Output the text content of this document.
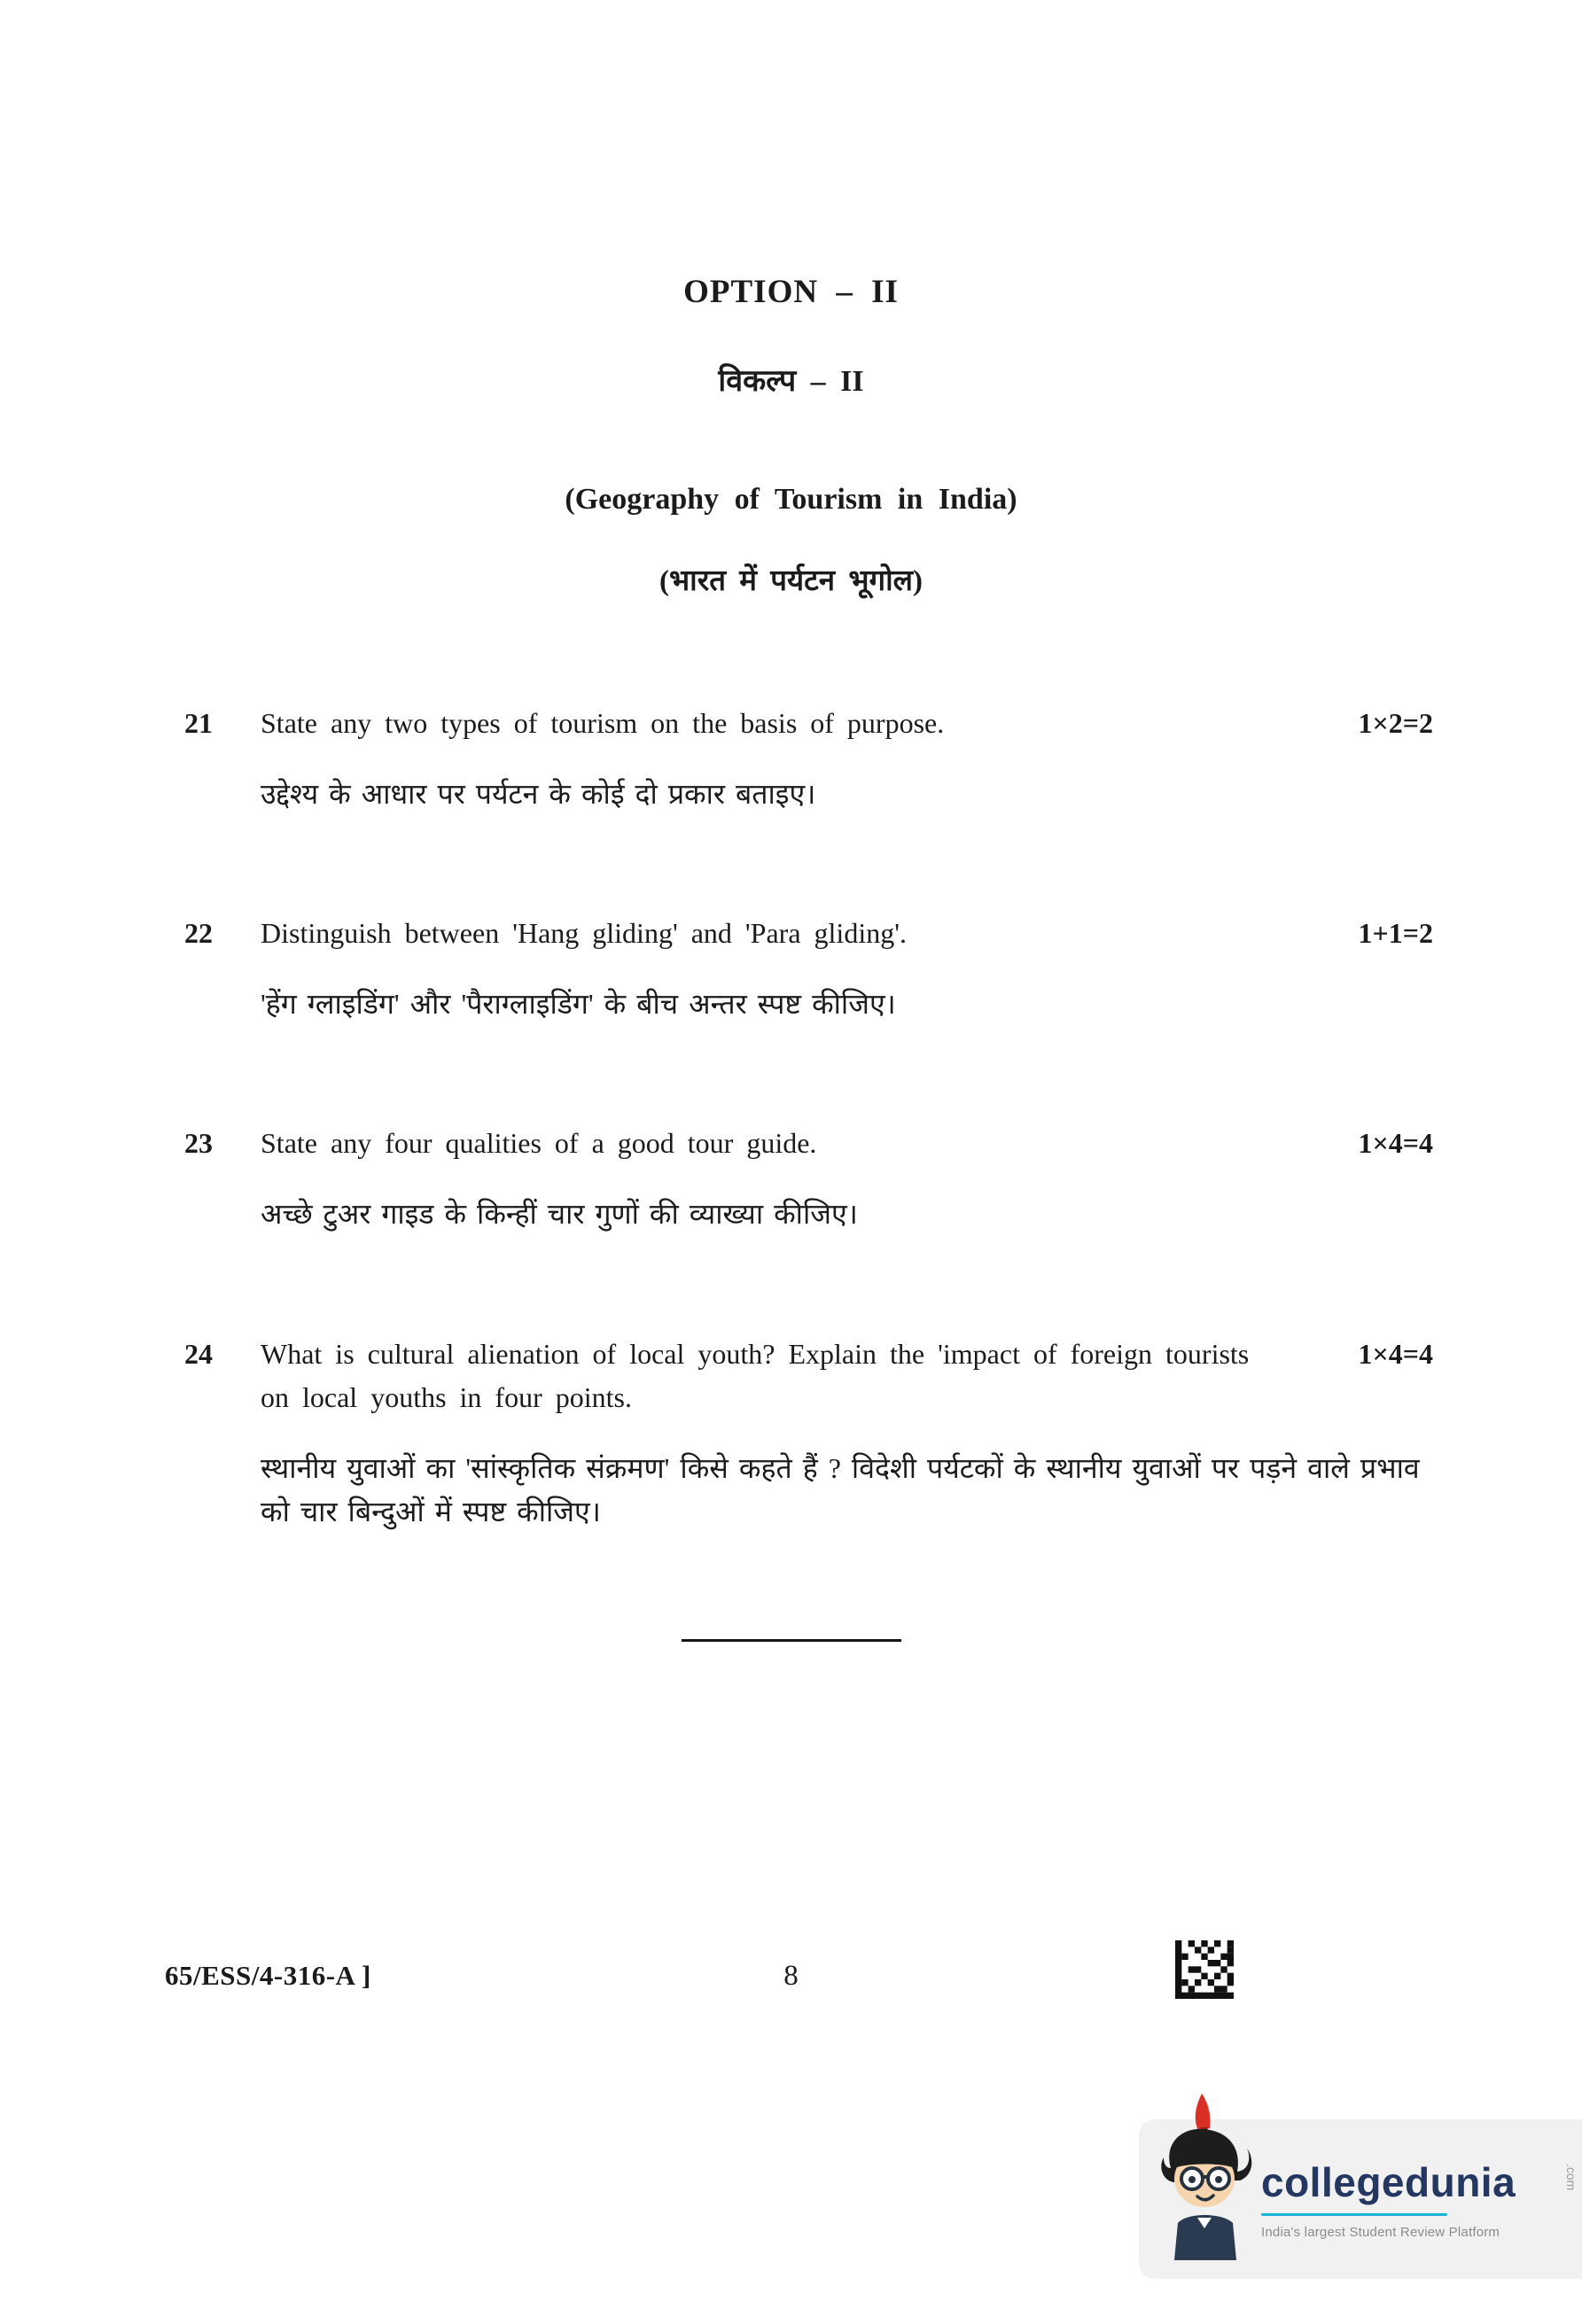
OPTION – II
विकल्प – II
(Geography of Tourism in India)
(भारत में पर्यटन भूगोल)
21	State any two types of tourism on the basis of purpose.

उद्देश्य के आधार पर पर्यटन के कोई दो प्रकार बताइए।

1×2=2
22	Distinguish between 'Hang gliding' and 'Para gliding'.

'हेंग ग्लाइडिंग' और 'पैराग्लाइडिंग' के बीच अन्तर स्पष्ट कीजिए।

1+1=2
23	State any four qualities of a good tour guide.

अच्छे टुअर गाइड के किन्हीं चार गुणों की व्याख्या कीजिए।

1×4=4
24	What is cultural alienation of local youth? Explain the 'impact of foreign tourists on local youths in four points.

स्थानीय युवाओं का 'सांस्कृतिक संक्रमण' किसे कहते हैं ? विदेशी पर्यटकों के स्थानीय युवाओं पर पड़ने वाले प्रभाव को चार बिन्दुओं में स्पष्ट कीजिए।

1×4=4
65/ESS/4-316-A ]	8
collegedunia
India's largest Student Review Platform
.com
